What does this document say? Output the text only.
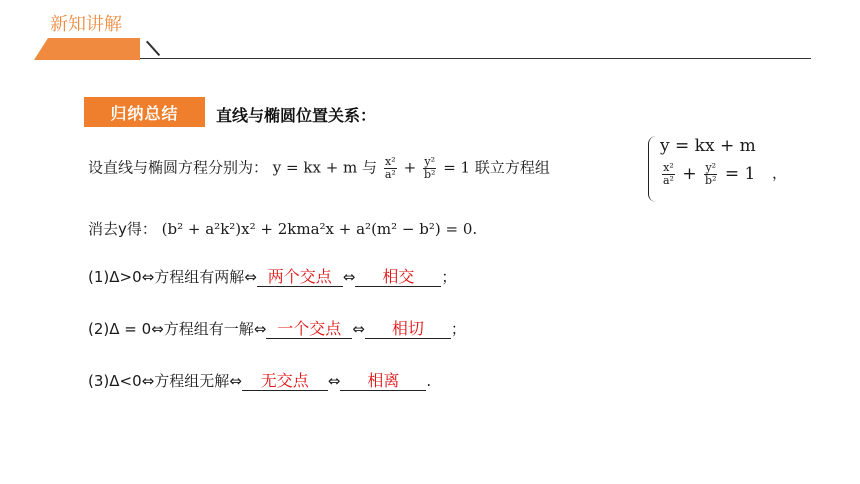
新知讲解
归纳总结	直线与椭圆位置关系：
设直线与椭圆方程分别为： y = kx + m 与 $\frac{\text{x²}}{\text{a²}} + \frac{\text{y²}}{\text{b²}} = 1$ 联立方程组
y = kx + m
$\frac{\text{x²}}{\text{a²}} + \frac{\text{y²}}{\text{b²}} = 1$ ，
消去y得： (b² + a²k²)x² + 2kma²x + a²(m² − b²) = 0.
(1)Δ>0⇔方程组有两解⇔ 两个交点 ⇔ 相交 ；
(2)Δ = 0⇔方程组有一解⇔ 一个交点 ⇔ 相切 ；
(3)Δ<0⇔方程组无解⇔ 无交点 ⇔ 相离 .
